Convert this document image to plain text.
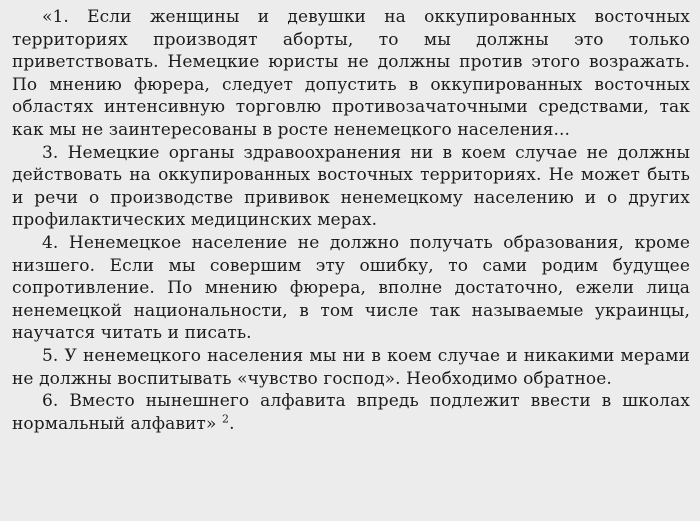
«1. Если женщины и девушки на оккупированных восточных территориях производят аборты, то мы должны это только приветствовать. Немецкие юристы не должны против этого возражать. По мнению фюрера, следует допустить в оккупированных восточных областях интенсивную торговлю противозачаточными средствами, так как мы не заинтересованы в росте ненемецкого населения...

3. Немецкие органы здравоохранения ни в коем случае не должны действовать на оккупированных восточных территориях. Не может быть и речи о производстве прививок ненемецкому населению и о других профилактических медицинских мерах.

4. Ненемецкое население не должно получать образования, кроме низшего. Если мы совершим эту ошибку, то сами родим будущее сопротивление. По мнению фюрера, вполне достаточно, ежели лица ненемецкой национальности, в том числе так называемые украинцы, научатся читать и писать.

5. У ненемецкого населения мы ни в коем случае и никакими мерами не должны воспитывать «чувство господ». Необходимо обратное.

6. Вместо нынешнего алфавита впредь подлежит ввести в школах нормальный алфавит» $^2$.
